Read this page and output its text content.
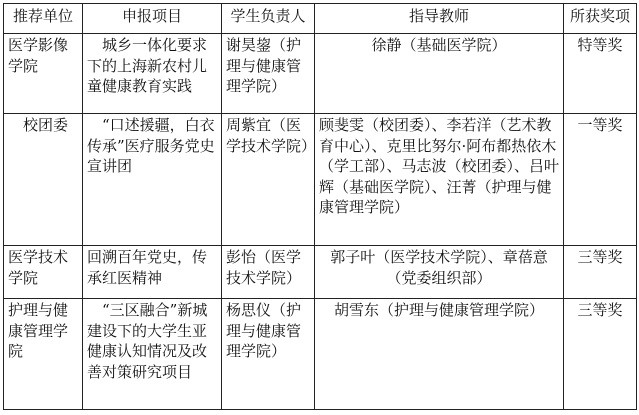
推荐单位	申报项目	学生负责人	指导教师	所获奖项
医学影像学院	城乡一体化要求下的上海新农村儿童健康教育实践	谢昊鋆（护理与健康管理学院）	徐静（基础医学院）	特等奖
校团委	“口述援疆，白衣传承”医疗服务党史宣讲团	周紫宜（医学技术学院）	顾斐雯（校团委）、李若洋（艺术教育中心）、克里比努尔·阿布都热依木（学工部）、马志波（校团委）、吕叶辉（基础医学院）、汪菁（护理与健康管理学院）	一等奖
医学技术学院	回溯百年党史，传承红医精神	彭怡（医学技术学院）	郭子叶（医学技术学院）、章蓓意（党委组织部）	三等奖
护理与健康管理学院	“三区融合”新城建设下的大学生亚健康认知情况及改善对策研究项目	杨思仪（护理与健康管理学院）	胡雪东（护理与健康管理学院）	三等奖
